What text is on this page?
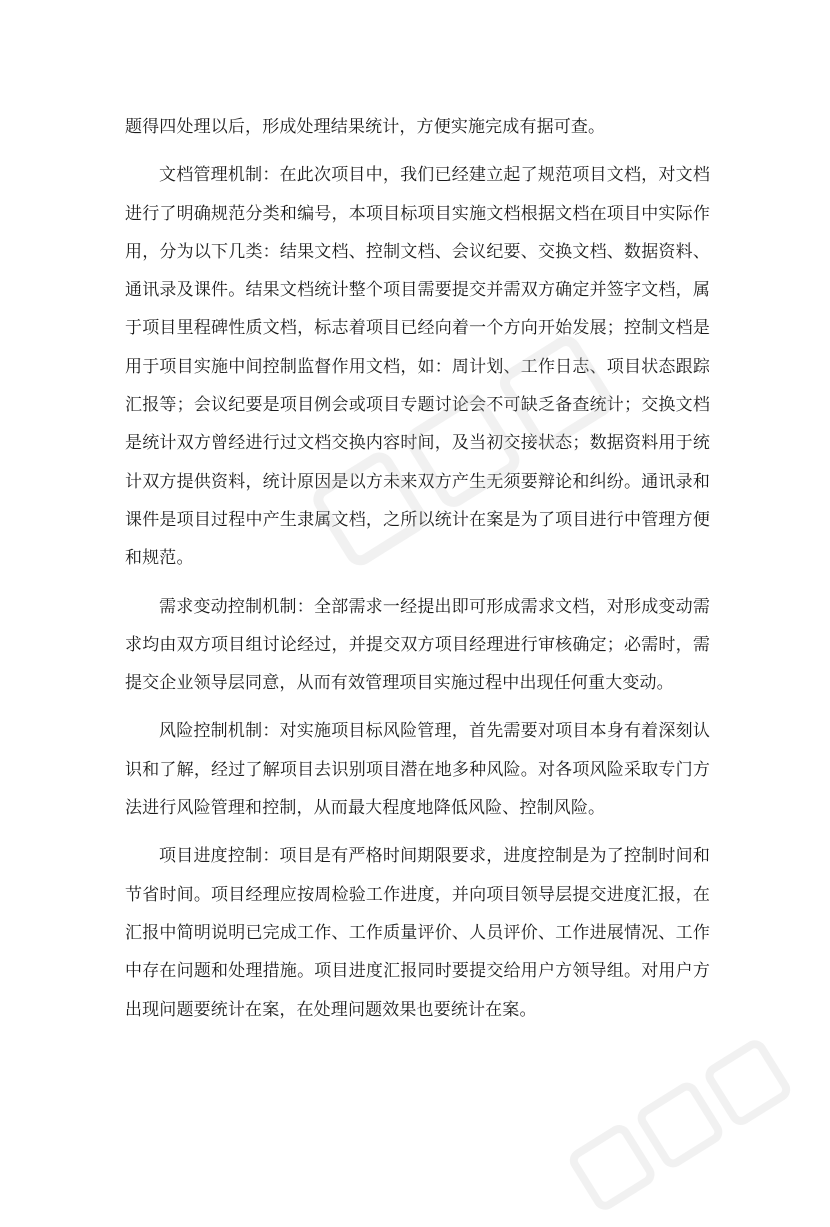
题得四处理以后，形成处理结果统计，方便实施完成有据可查。

文档管理机制：在此次项目中，我们已经建立起了规范项目文档，对文档进行了明确规范分类和编号，本项目标项目实施文档根据文档在项目中实际作用，分为以下几类：结果文档、控制文档、会议纪要、交换文档、数据资料、通讯录及课件。结果文档统计整个项目需要提交并需双方确定并签字文档，属于项目里程碑性质文档，标志着项目已经向着一个方向开始发展；控制文档是用于项目实施中间控制监督作用文档，如：周计划、工作日志、项目状态跟踪汇报等；会议纪要是项目例会或项目专题讨论会不可缺乏备查统计；交换文档是统计双方曾经进行过文档交换内容时间，及当初交接状态；数据资料用于统计双方提供资料，统计原因是以方未来双方产生无须要辩论和纠纷。通讯录和课件是项目过程中产生隶属文档，之所以统计在案是为了项目进行中管理方便和规范。

需求变动控制机制：全部需求一经提出即可形成需求文档，对形成变动需求均由双方项目组讨论经过，并提交双方项目经理进行审核确定；必需时，需提交企业领导层同意，从而有效管理项目实施过程中出现任何重大变动。

风险控制机制：对实施项目标风险管理，首先需要对项目本身有着深刻认识和了解，经过了解项目去识别项目潜在地多种风险。对各项风险采取专门方法进行风险管理和控制，从而最大程度地降低风险、控制风险。

项目进度控制：项目是有严格时间期限要求，进度控制是为了控制时间和节省时间。项目经理应按周检验工作进度，并向项目领导层提交进度汇报，在汇报中简明说明已完成工作、工作质量评价、人员评价、工作进展情况、工作中存在问题和处理措施。项目进度汇报同时要提交给用户方领导组。对用户方出现问题要统计在案，在处理问题效果也要统计在案。
